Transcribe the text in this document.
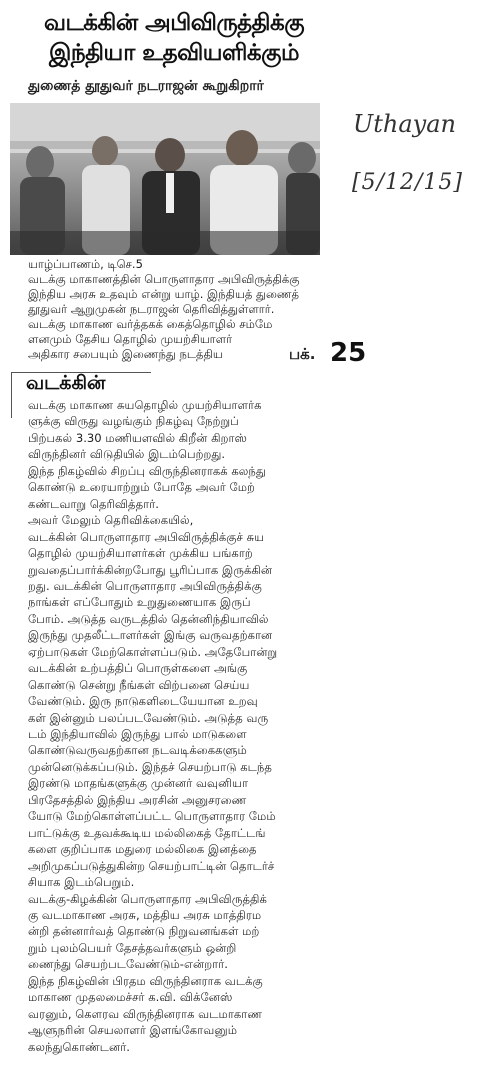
வடக்கின் அபிவிருத்திக்கு
இந்தியா உதவியளிக்கும்
துணைத் தூதுவர் நடராஜன் கூறுகிறார்
Uthayan
[5/12/15]
யாழ்ப்பாணம், டிசெ.5
வடக்கு மாகாணத்தின் பொருளாதார அபிவிருத்திக்கு
இந்திய அரசு உதவும் என்று யாழ். இந்தியத் துணைத்
தூதுவர் ஆறுமுகன் நடராஜன் தெரிவித்துள்ளார்.
வடக்கு மாகாண வர்த்தகக் கைத்தொழில் சம்மே
ளனமும் தேசிய தொழில் முயற்சியாளர்
அதிகார சபையும் இணைந்து நடத்திய	பக். 25
வடக்கின்
வடக்கு மாகாண சுயதொழில் முயற்சியாளர்க
ளுக்கு விருது வழங்கும் நிகழ்வு நேற்றுப்
பிற்பகல் 3.30 மணியளவில் கிறீன் கிறாஸ்
விருந்தினர் விடுதியில் இடம்பெற்றது.
இந்த நிகழ்வில் சிறப்பு விருந்தினராகக் கலந்து
கொண்டு உரையாற்றும் போதே அவர் மேற்
கண்டவாறு தெரிவித்தார்.
அவர் மேலும் தெரிவிக்கையில்,
வடக்கின் பொருளாதார அபிவிருத்திக்குச் சுய
தொழில் முயற்சியாளர்கள் முக்கிய பங்காற்
றுவதைப்பார்க்கின்றபோது பூரிப்பாக இருக்கின்
றது. வடக்கின் பொருளாதார அபிவிருத்திக்கு
நாங்கள் எப்போதும் உறுதுணையாக இருப்
போம். அடுத்த வருடத்தில் தென்னிந்தியாவில்
இருந்து முதலீட்டாளர்கள் இங்கு வருவதற்கான
ஏற்பாடுகள் மேற்கொள்ளப்படும். அதேபோன்று
வடக்கின் உற்பத்திப் பொருள்களை அங்கு
கொண்டு சென்று நீங்கள் விற்பனை செய்ய
வேண்டும். இரு நாடுகளிடையேயான உறவு
கள் இன்னும் பலப்படவேண்டும். அடுத்த வரு
டம் இந்தியாவில் இருந்து பால் மாடுகளை
கொண்டுவருவதற்கான நடவடிக்கைகளும்
முன்னெடுக்கப்படும். இந்தச் செயற்பாடு கடந்த
இரண்டு மாதங்களுக்கு முன்னர் வவுனியா
பிரதேசத்தில் இந்திய அரசின் அனுசரணை
யோடு மேற்கொள்ளப்பட்ட பொருளாதார மேம்
பாட்டுக்கு உதவக்கூடிய மல்லிகைத் தோட்டங்
களை குறிப்பாக மதுரை மல்லிகை இனத்தை
அறிமுகப்படுத்துகின்ற செயற்பாட்டின் தொடர்ச்
சியாக இடம்பெறும்.
வடக்கு-கிழக்கின் பொருளாதார அபிவிருத்திக்
கு வடமாகாண அரசு, மத்திய அரசு மாத்திரம
ன்றி தன்னார்வத் தொண்டு நிறுவனங்கள் மற்
றும் புலம்பெயர் தேசத்தவர்களும் ஒன்றி
ணைந்து செயற்படவேண்டும்-என்றார்.
இந்த நிகழ்வின் பிரதம விருந்தினராக வடக்கு
மாகாண முதலமைச்சர் க.வி. விக்னேஸ்
வரனும், கௌரவ விருந்தினராக வடமாகாண
ஆளுநரின் செயலாளர் இளங்கோவனும்
கலந்துகொண்டனர்.
